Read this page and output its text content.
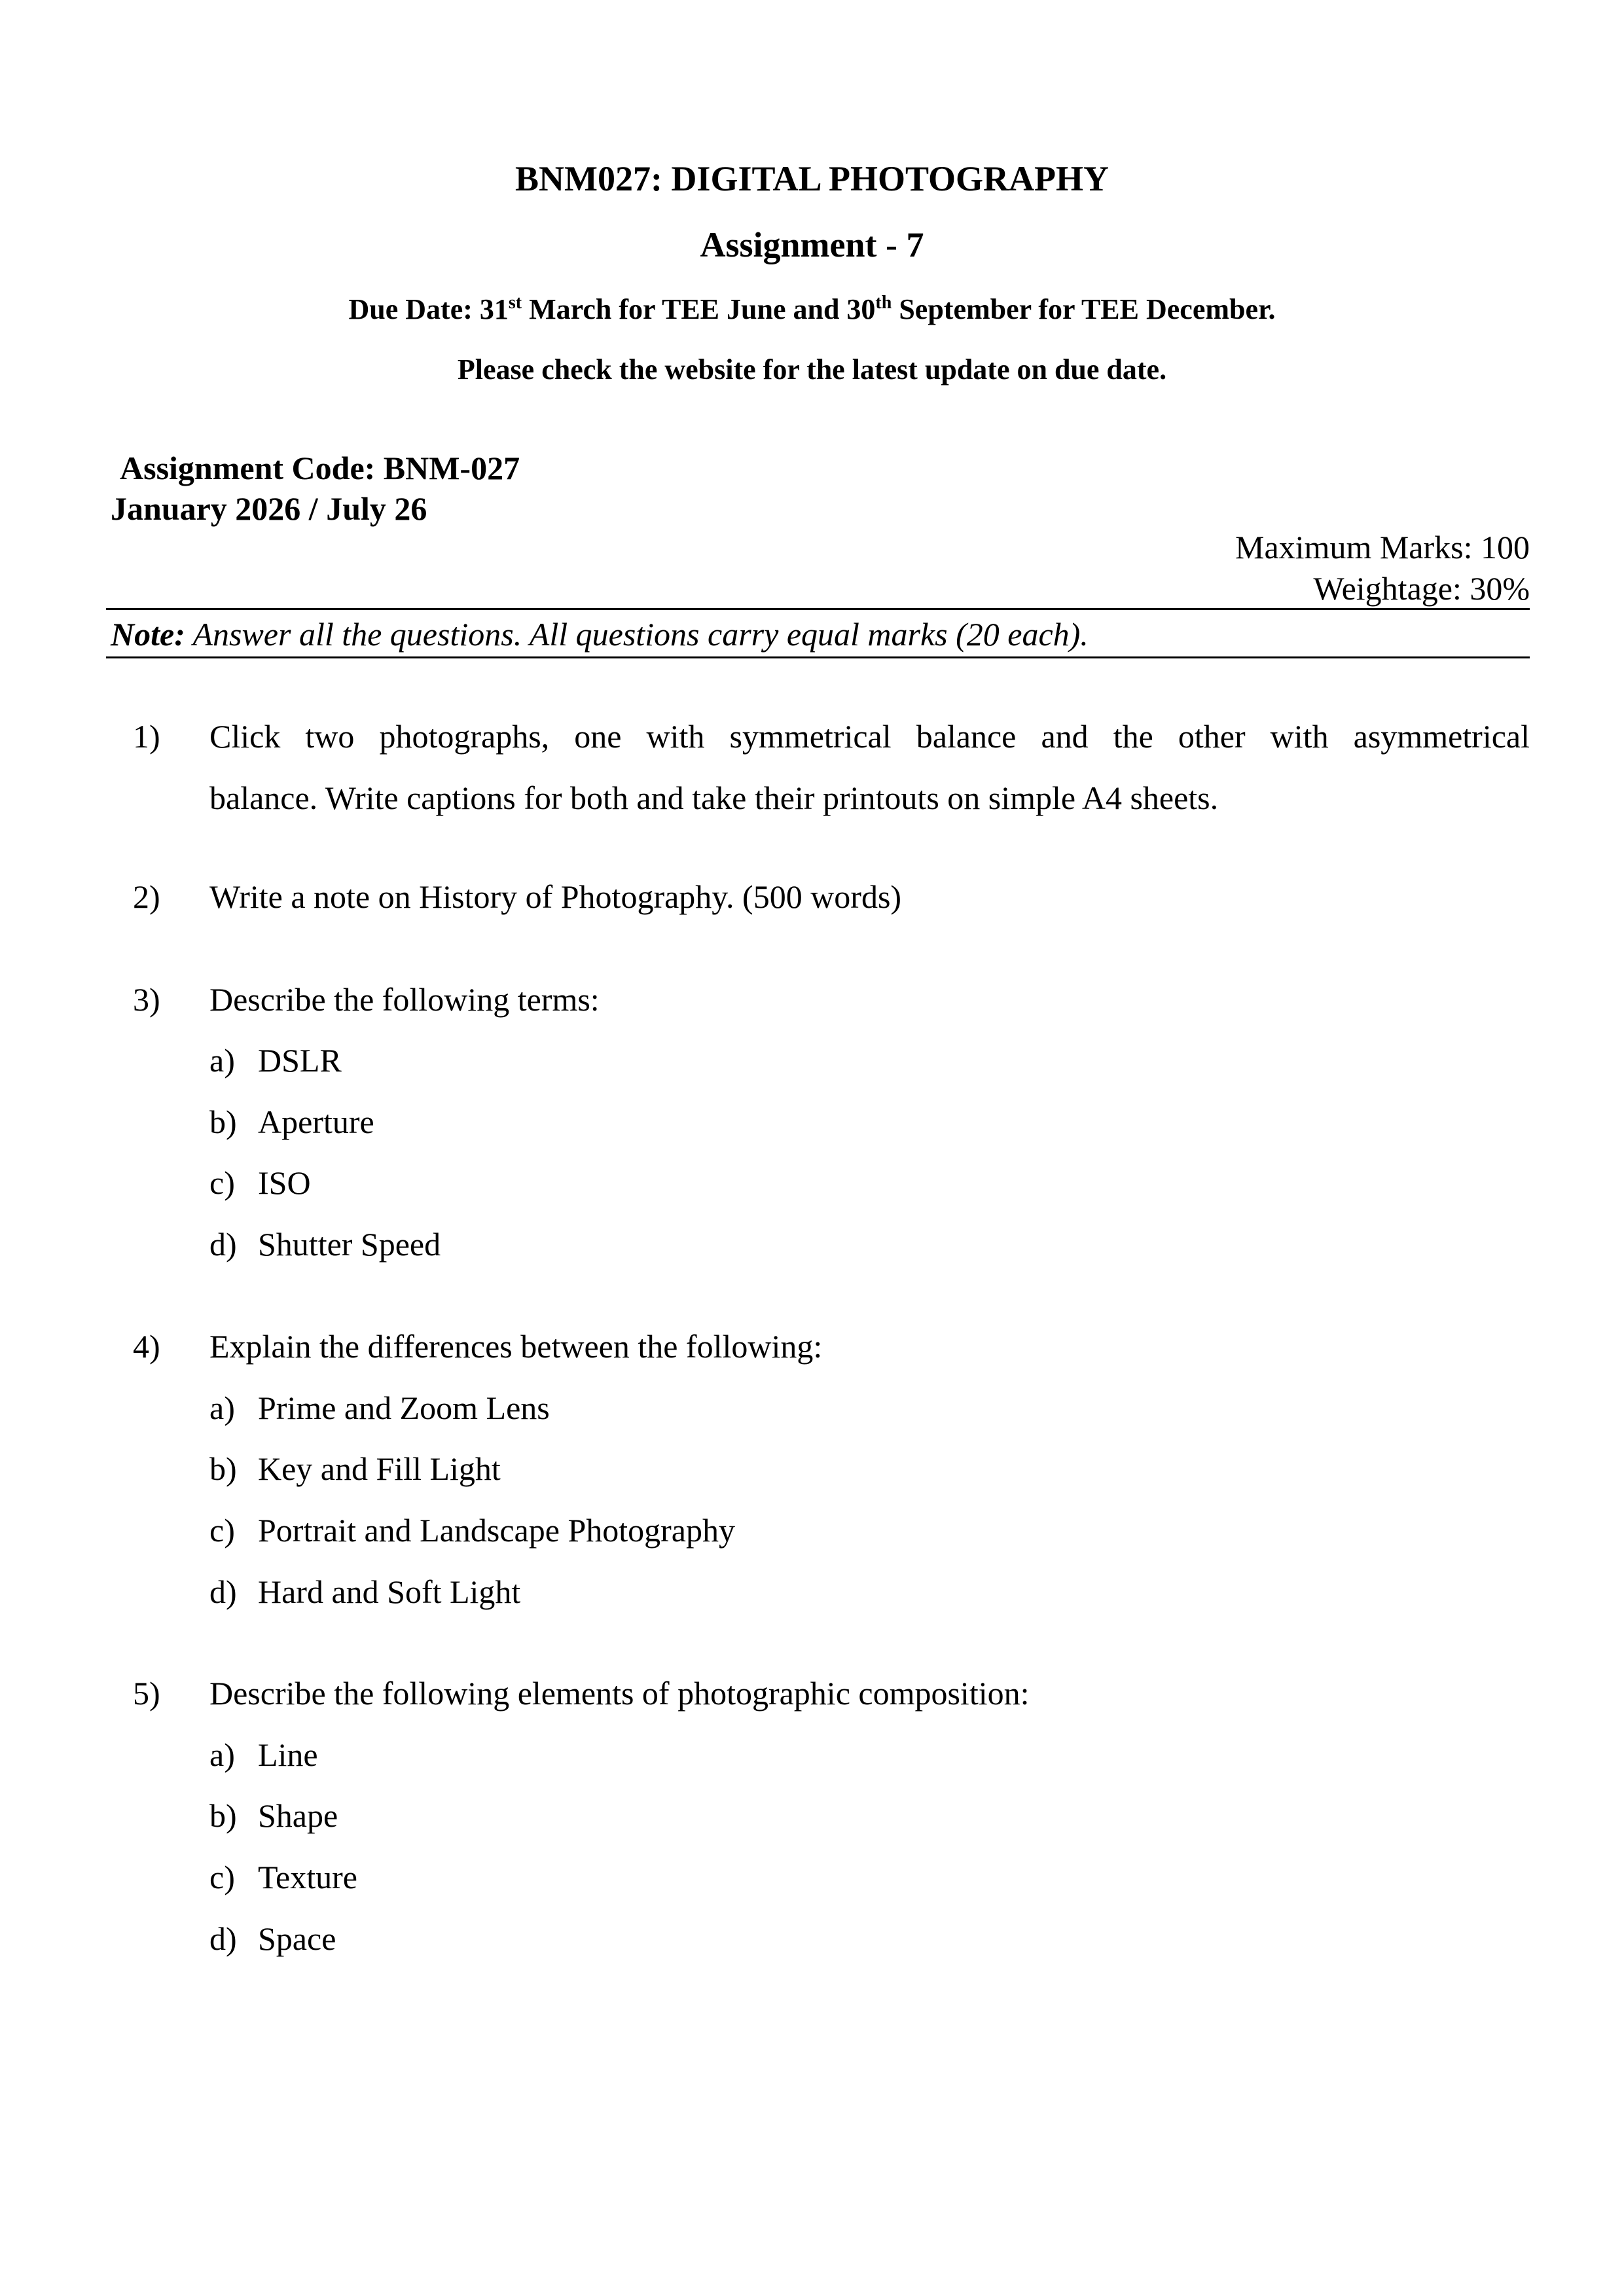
BNM027: DIGITAL PHOTOGRAPHY
Assignment - 7
Due Date: 31st March for TEE June and 30th September for TEE December.
Please check the website for the latest update on due date.
Assignment Code: BNM-027
January 2026 / July 26
Maximum Marks: 100
Weightage: 30%
Note: Answer all the questions. All questions carry equal marks (20 each).
1) Click two photographs, one with symmetrical balance and the other with asymmetrical
balance. Write captions for both and take their printouts on simple A4 sheets.
2) Write a note on History of Photography. (500 words)
3) Describe the following terms:
a) DSLR
b) Aperture
c) ISO
d) Shutter Speed
4) Explain the differences between the following:
a) Prime and Zoom Lens
b) Key and Fill Light
c) Portrait and Landscape Photography
d) Hard and Soft Light
5) Describe the following elements of photographic composition:
a) Line
b) Shape
c) Texture
d) Space
